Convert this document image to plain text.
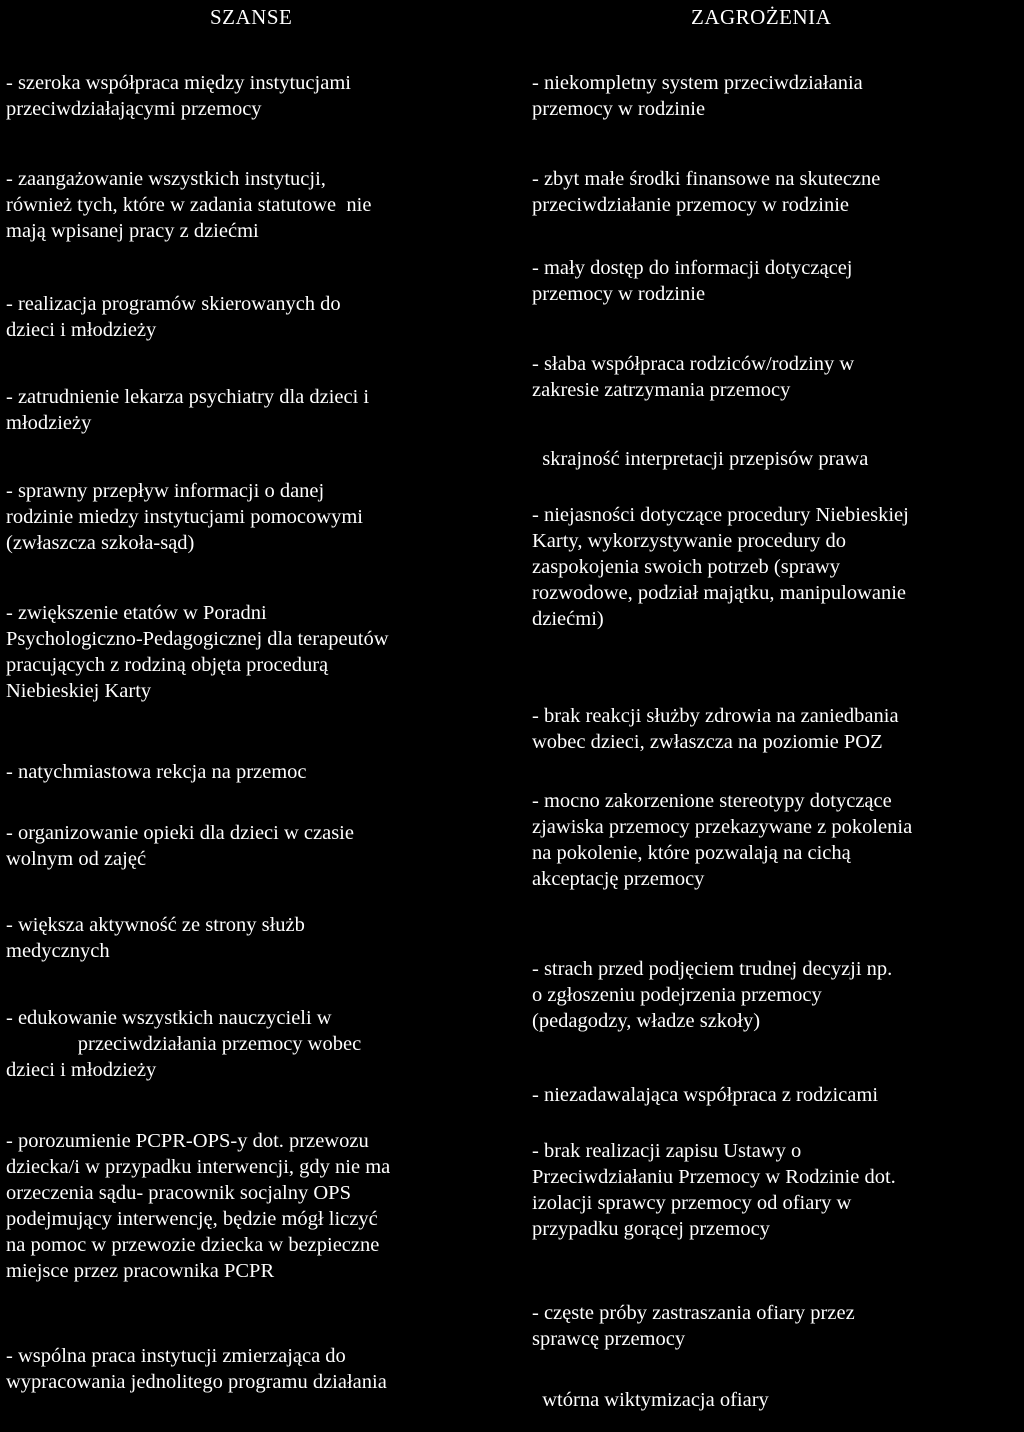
SZANSE
- szeroka współpraca między instytucjami
przeciwdziałającymi przemocy
- zaangażowanie wszystkich instytucji,
również tych, które w zadania statutowe  nie
mają wpisanej pracy z dziećmi
- realizacja programów skierowanych do
dzieci i młodzieży
- zatrudnienie lekarza psychiatry dla dzieci i
młodzieży
- sprawny przepływ informacji o danej
rodzinie miedzy instytucjami pomocowymi
(zwłaszcza szkoła-sąd)
- zwiększenie etatów w Poradni
Psychologiczno-Pedagogicznej dla terapeutów
pracujących z rodziną objęta procedurą
Niebieskiej Karty
- natychmiastowa rekcja na przemoc
- organizowanie opieki dla dzieci w czasie
wolnym od zajęć
- większa aktywność ze strony służb
medycznych
- edukowanie wszystkich nauczycieli w
przeciwdziałania przemocy wobec
dzieci i młodzieży
- porozumienie PCPR-OPS-y dot. przewozu
dziecka/i w przypadku interwencji, gdy nie ma
orzeczenia sądu- pracownik socjalny OPS
podejmujący interwencję, będzie mógł liczyć
na pomoc w przewozie dziecka w bezpieczne
miejsce przez pracownika PCPR
- wspólna praca instytucji zmierzająca do
wypracowania jednolitego programu działania
ZAGROŻENIA
- niekompletny system przeciwdziałania
przemocy w rodzinie
- zbyt małe środki finansowe na skuteczne
przeciwdziałanie przemocy w rodzinie
- mały dostęp do informacji dotyczącej
przemocy w rodzinie
- słaba współpraca rodziców/rodziny w
zakresie zatrzymania przemocy
skrajność interpretacji przepisów prawa
- niejasności dotyczące procedury Niebieskiej
Karty, wykorzystywanie procedury do
zaspokojenia swoich potrzeb (sprawy
rozwodowe, podział majątku, manipulowanie
dziećmi)
- brak reakcji służby zdrowia na zaniedbania
wobec dzieci, zwłaszcza na poziomie POZ
- mocno zakorzenione stereotypy dotyczące
zjawiska przemocy przekazywane z pokolenia
na pokolenie, które pozwalają na cichą
akceptację przemocy
- strach przed podjęciem trudnej decyzji np.
o zgłoszeniu podejrzenia przemocy
(pedagodzy, władze szkoły)
- niezadawalająca współpraca z rodzicami
- brak realizacji zapisu Ustawy o
Przeciwdziałaniu Przemocy w Rodzinie dot.
izolacji sprawcy przemocy od ofiary w
przypadku gorącej przemocy
- częste próby zastraszania ofiary przez
sprawcę przemocy
wtórna wiktymizacja ofiary
